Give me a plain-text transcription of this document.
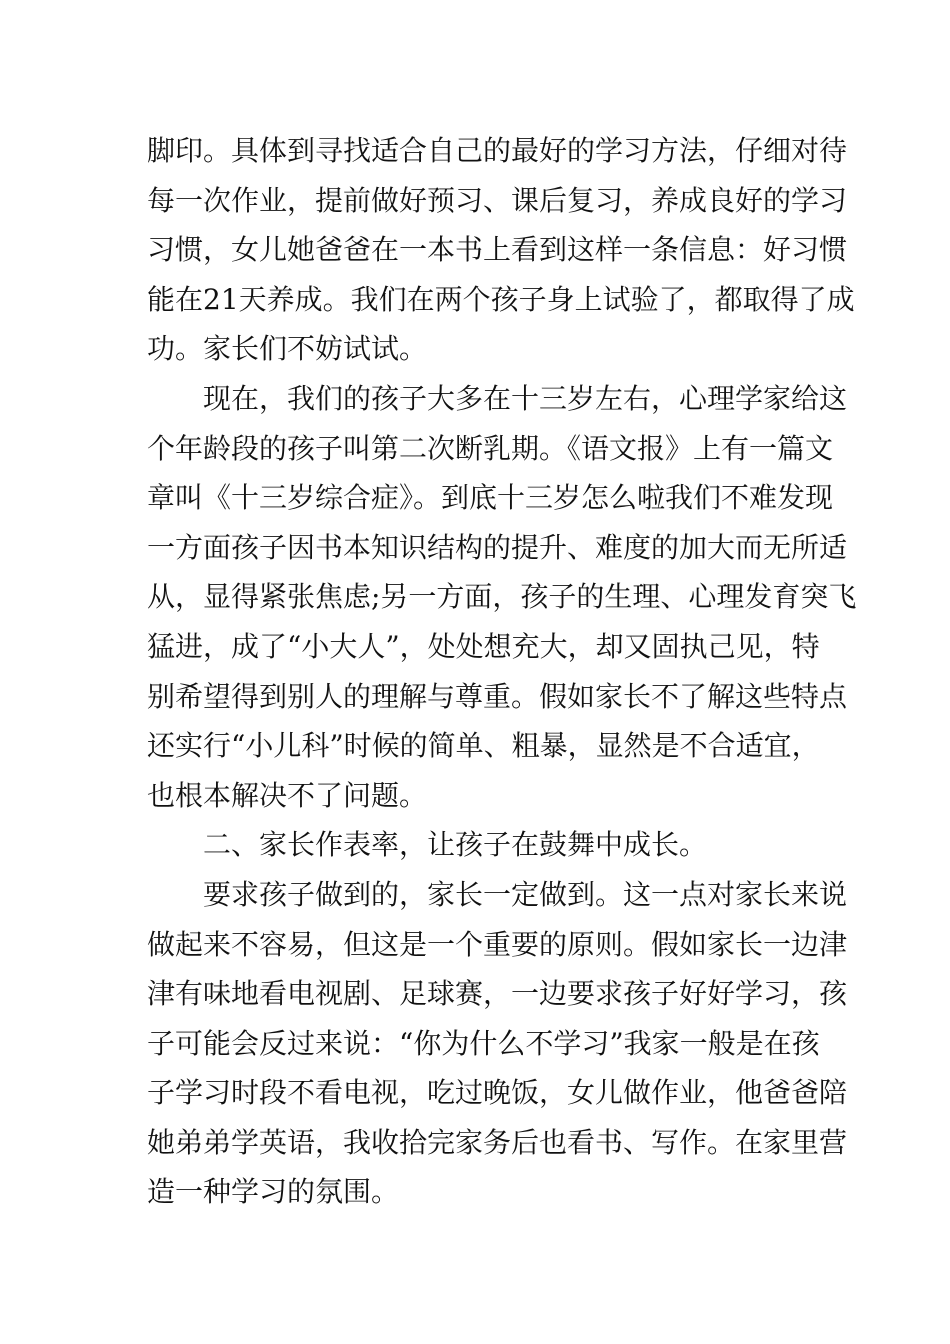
脚印。具体到寻找适合自己的最好的学习方法，仔细对待
每一次作业，提前做好预习、课后复习，养成良好的学习
习惯，女儿她爸爸在一本书上看到这样一条信息：好习惯
能在21天养成。我们在两个孩子身上试验了，都取得了成
功。家长们不妨试试。
现在，我们的孩子大多在十三岁左右，心理学家给这
个年龄段的孩子叫第二次断乳期。《语文报》上有一篇文
章叫《十三岁综合症》。到底十三岁怎么啦我们不难发现
一方面孩子因书本知识结构的提升、难度的加大而无所适
从，显得紧张焦虑;另一方面，孩子的生理、心理发育突飞
猛进，成了“小大人”，处处想充大，却又固执己见，特
别希望得到别人的理解与尊重。假如家长不了解这些特点
还实行“小儿科”时候的简单、粗暴，显然是不合适宜，
也根本解决不了问题。
二、家长作表率，让孩子在鼓舞中成长。
要求孩子做到的，家长一定做到。这一点对家长来说
做起来不容易，但这是一个重要的原则。假如家长一边津
津有味地看电视剧、足球赛，一边要求孩子好好学习，孩
子可能会反过来说：“你为什么不学习”我家一般是在孩
子学习时段不看电视，吃过晚饭，女儿做作业，他爸爸陪
她弟弟学英语，我收拾完家务后也看书、写作。在家里营
造一种学习的氛围。
